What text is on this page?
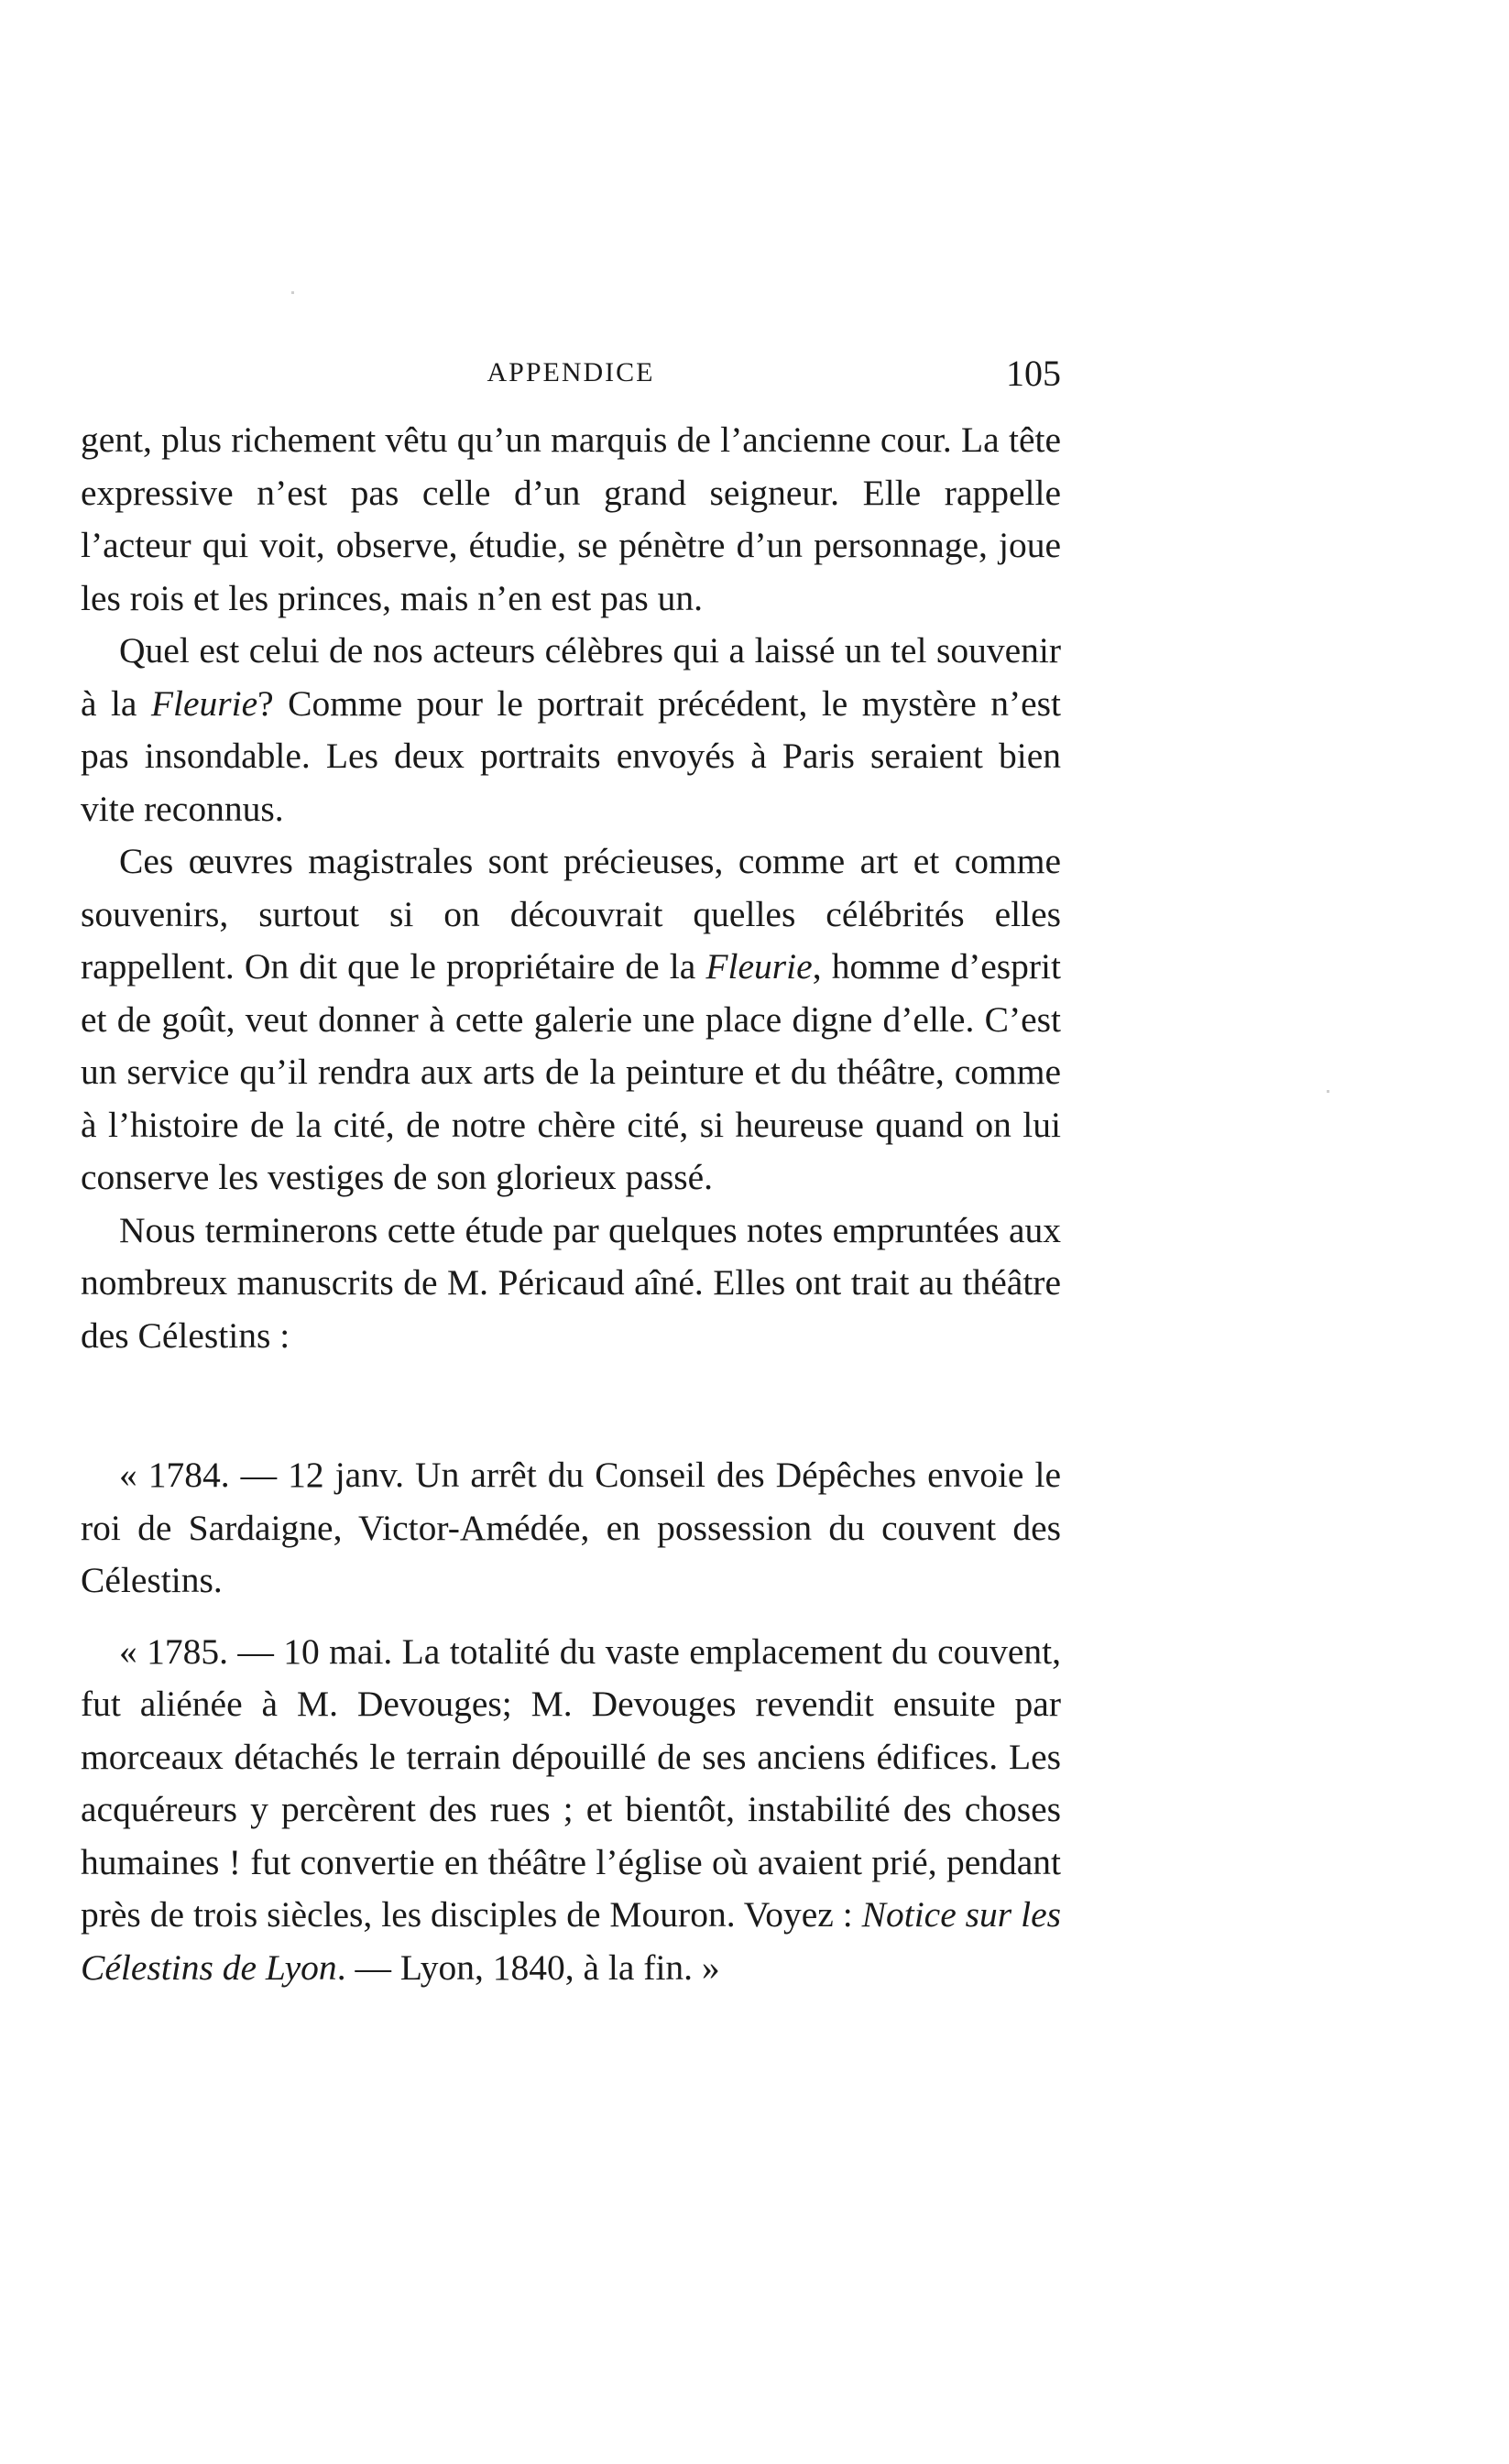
APPENDICE	105

gent, plus richement vêtu qu’un marquis de l’ancienne cour. La tête expressive n’est pas celle d’un grand seigneur. Elle rappelle l’acteur qui voit, observe, étudie, se pénètre d’un personnage, joue les rois et les princes, mais n’en est pas un.

Quel est celui de nos acteurs célèbres qui a laissé un tel souvenir à la Fleurie? Comme pour le portrait précédent, le mystère n’est pas insondable. Les deux portraits envoyés à Paris seraient bien vite reconnus.

Ces œuvres magistrales sont précieuses, comme art et comme souvenirs, surtout si on découvrait quelles célébrités elles rappellent. On dit que le propriétaire de la Fleurie, homme d’esprit et de goût, veut donner à cette galerie une place digne d’elle. C’est un service qu’il rendra aux arts de la peinture et du théâtre, comme à l’histoire de la cité, de notre chère cité, si heureuse quand on lui conserve les vestiges de son glorieux passé.

Nous terminerons cette étude par quelques notes empruntées aux nombreux manuscrits de M. Péricaud aîné. Elles ont trait au théâtre des Célestins :

« 1784. — 12 janv. Un arrêt du Conseil des Dépêches envoie le roi de Sardaigne, Victor-Amédée, en possession du couvent des Célestins.

« 1785. — 10 mai. La totalité du vaste emplacement du couvent, fut aliénée à M. Devouges; M. Devouges revendit ensuite par morceaux détachés le terrain dépouillé de ses anciens édifices. Les acquéreurs y percèrent des rues ; et bientôt, instabilité des choses humaines ! fut convertie en théâtre l’église où avaient prié, pendant près de trois siècles, les disciples de Mouron. Voyez : Notice sur les Célestins de Lyon. — Lyon, 1840, à la fin. »
